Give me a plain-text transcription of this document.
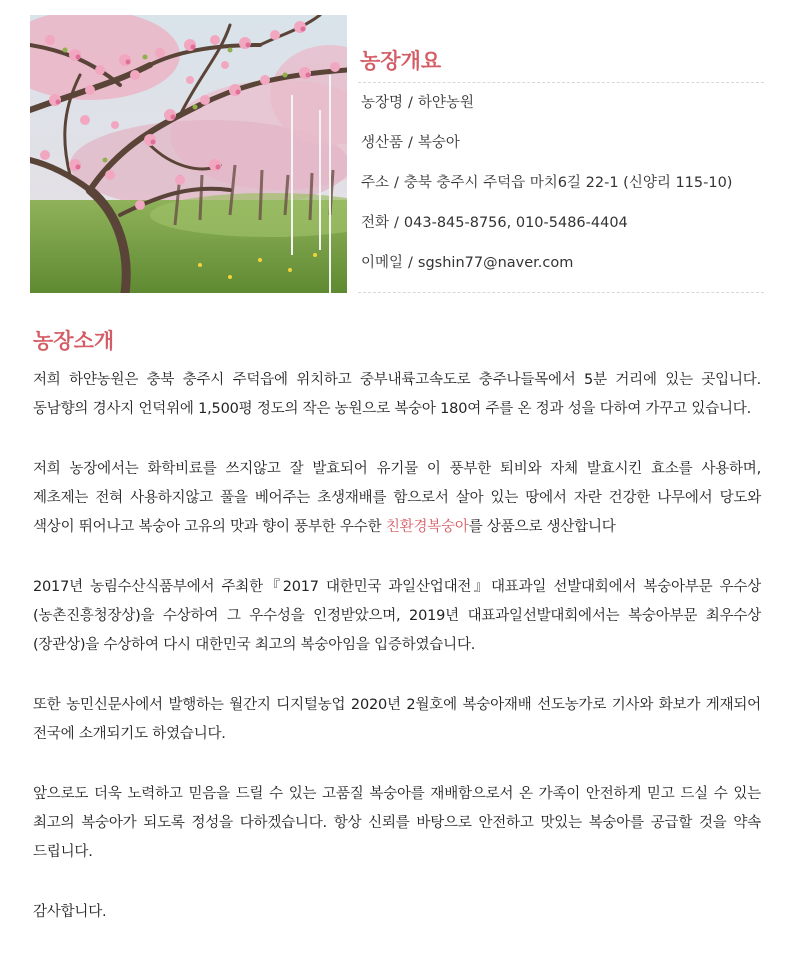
농장개요
농장명 / 하얀농원
생산품 / 복숭아
주소 / 충북 충주시 주덕읍 마치6길 22-1 (신양리 115-10)
전화 / 043-845-8756, 010-5486-4404
이메일 / sgshin77@naver.com
농장소개

저희 하얀농원은 충북 충주시 주덕읍에 위치하고 중부내륙고속도로 충주나들목에서 5분 거리에 있는 곳입니다. 동남향의 경사지 언덕위에 1,500평 정도의 작은 농원으로 복숭아 180여 주를 온 정과 성을 다하여 가꾸고 있습니다.

저희 농장에서는 화학비료를 쓰지않고 잘 발효되어 유기물 이 풍부한 퇴비와 자체 발효시킨 효소를 사용하며, 제초제는 전혀 사용하지않고 풀을 베어주는 초생재배를 함으로서 살아 있는 땅에서 자란 건강한 나무에서 당도와 색상이 뛰어나고 복숭아 고유의 맛과 향이 풍부한 우수한 친환경복숭아를 상품으로 생산합니다

2017년 농림수산식품부에서 주최한『2017 대한민국 과일산업대전』대표과일 선발대회에서 복숭아부문 우수상(농촌진흥청장상)을 수상하여 그 우수성을 인정받았으며, 2019년 대표과일선발대회에서는 복숭아부문 최우수상(장관상)을 수상하여 다시 대한민국 최고의 복숭아임을 입증하였습니다.

또한 농민신문사에서 발행하는 월간지 디지털농업 2020년 2월호에 복숭아재배 선도농가로 기사와 화보가 게재되어 전국에 소개되기도 하였습니다.

앞으로도 더욱 노력하고 믿음을 드릴 수 있는 고품질 복숭아를 재배함으로서 온 가족이 안전하게 믿고 드실 수 있는 최고의 복숭아가 되도록 정성을 다하겠습니다. 항상 신뢰를 바탕으로 안전하고 맛있는 복숭아를 공급할 것을 약속 드립니다.

감사합니다.
